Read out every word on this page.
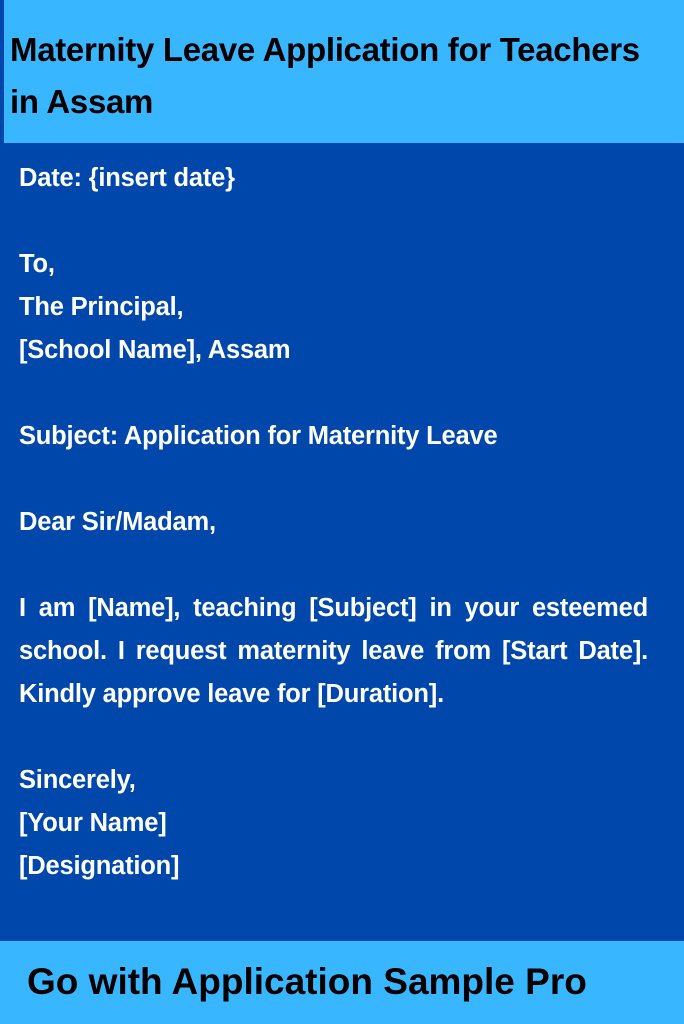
Maternity Leave Application for Teachers in Assam
Date: {insert date}
To,
The Principal,
[School Name], Assam
Subject: Application for Maternity Leave
Dear Sir/Madam,
I am [Name], teaching [Subject] in your esteemed school. I request maternity leave from [Start Date]. Kindly approve leave for [Duration].
Sincerely,
[Your Name]
[Designation]

Go with Application Sample Pro
